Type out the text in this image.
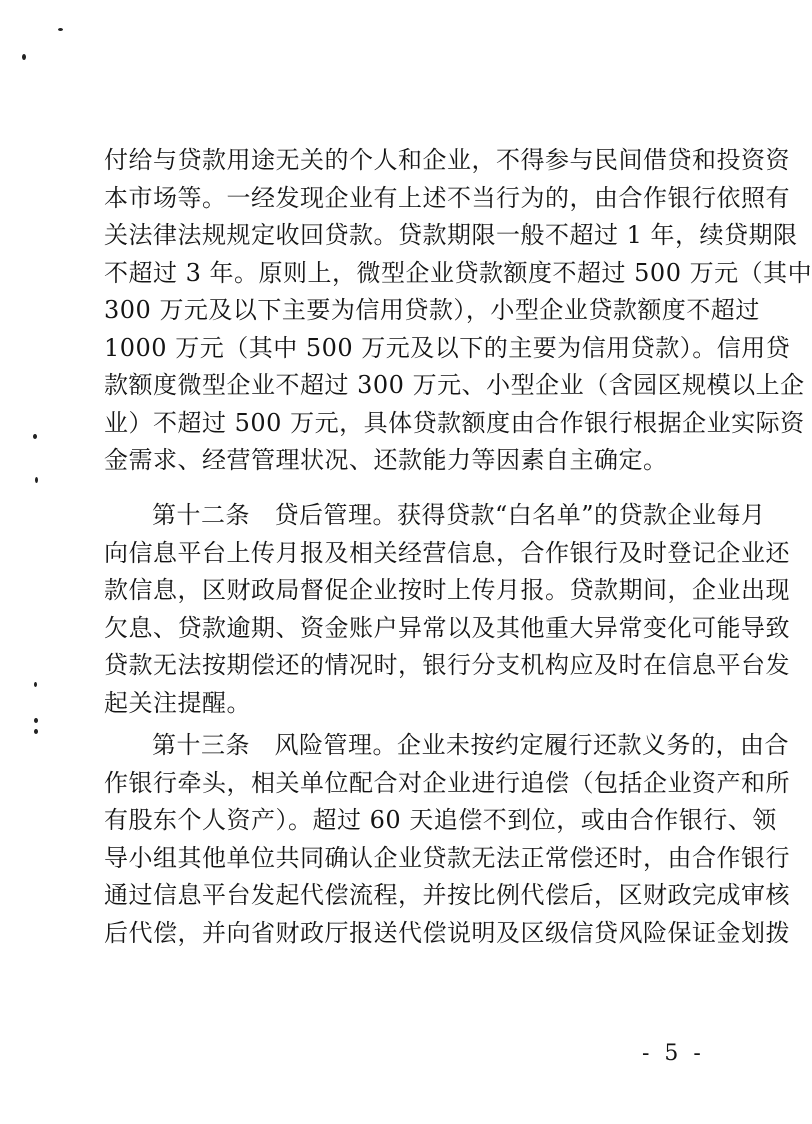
付给与贷款用途无关的个人和企业，不得参与民间借贷和投资资
本市场等。一经发现企业有上述不当行为的，由合作银行依照有
关法律法规规定收回贷款。贷款期限一般不超过 1 年，续贷期限
不超过 3 年。原则上，微型企业贷款额度不超过 500 万元（其中
300 万元及以下主要为信用贷款），小型企业贷款额度不超过
1000 万元（其中 500 万元及以下的主要为信用贷款）。信用贷
款额度微型企业不超过 300 万元、小型企业（含园区规模以上企
业）不超过 500 万元，具体贷款额度由合作银行根据企业实际资
金需求、经营管理状况、还款能力等因素自主确定。
第十二条　贷后管理。获得贷款“白名单”的贷款企业每月
向信息平台上传月报及相关经营信息，合作银行及时登记企业还
款信息，区财政局督促企业按时上传月报。贷款期间，企业出现
欠息、贷款逾期、资金账户异常以及其他重大异常变化可能导致
贷款无法按期偿还的情况时，银行分支机构应及时在信息平台发
起关注提醒。
第十三条　风险管理。企业未按约定履行还款义务的，由合
作银行牵头，相关单位配合对企业进行追偿（包括企业资产和所
有股东个人资产）。超过 60 天追偿不到位，或由合作银行、领
导小组其他单位共同确认企业贷款无法正常偿还时，由合作银行
通过信息平台发起代偿流程，并按比例代偿后，区财政完成审核
后代偿，并向省财政厅报送代偿说明及区级信贷风险保证金划拨
- 5 -
